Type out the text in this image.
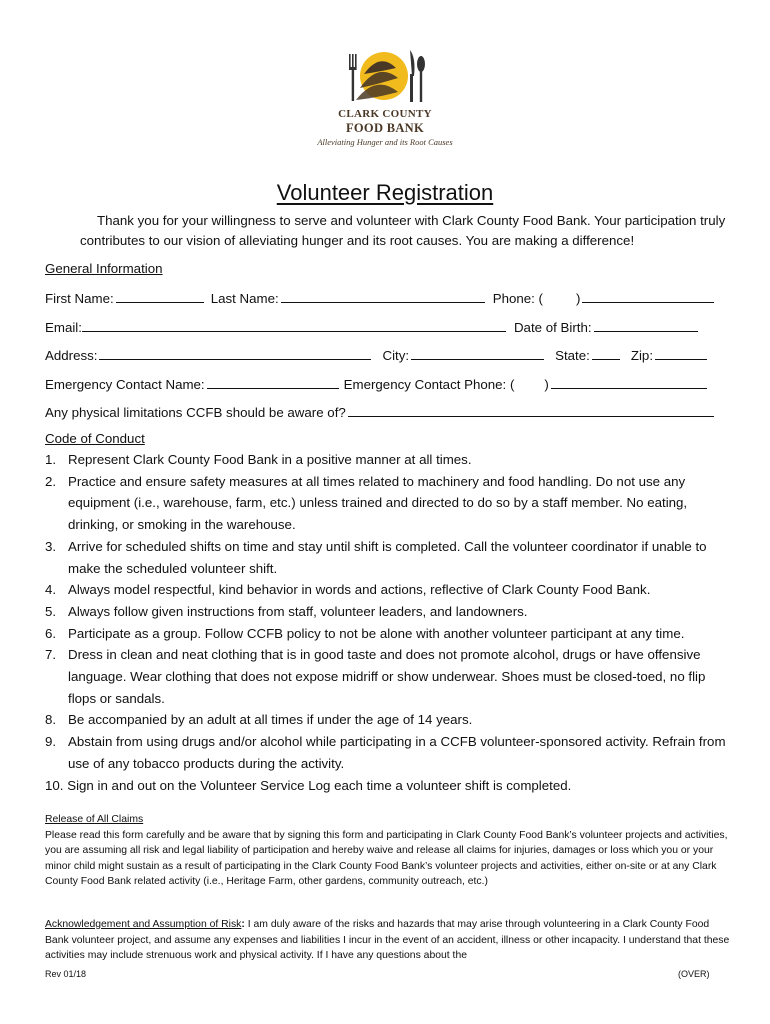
CLARK COUNTY
FOOD BANK
Alleviating Hunger and its Root Causes
Volunteer Registration
Thank you for your willingness to serve and volunteer with Clark County Food Bank. Your participation truly contributes to our vision of alleviating hunger and its root causes. You are making a difference!
General Information
First Name:	Last Name:	Phone: ( )
Email:	Date of Birth:
Address:	City:	State:	Zip:
Emergency Contact Name:	Emergency Contact Phone: ( )
Any physical limitations CCFB should be aware of?
Code of Conduct
1. Represent Clark County Food Bank in a positive manner at all times.
2. Practice and ensure safety measures at all times related to machinery and food handling. Do not use any equipment (i.e., warehouse, farm, etc.) unless trained and directed to do so by a staff member. No eating, drinking, or smoking in the warehouse.
3. Arrive for scheduled shifts on time and stay until shift is completed. Call the volunteer coordinator if unable to make the scheduled volunteer shift.
4. Always model respectful, kind behavior in words and actions, reflective of Clark County Food Bank.
5. Always follow given instructions from staff, volunteer leaders, and landowners.
6. Participate as a group. Follow CCFB policy to not be alone with another volunteer participant at any time.
7. Dress in clean and neat clothing that is in good taste and does not promote alcohol, drugs or have offensive language. Wear clothing that does not expose midriff or show underwear. Shoes must be closed-toed, no flip flops or sandals.
8. Be accompanied by an adult at all times if under the age of 14 years.
9. Abstain from using drugs and/or alcohol while participating in a CCFB volunteer-sponsored activity. Refrain from use of any tobacco products during the activity.
10. Sign in and out on the Volunteer Service Log each time a volunteer shift is completed.
Release of All Claims
Please read this form carefully and be aware that by signing this form and participating in Clark County Food Bank’s volunteer projects and activities, you are assuming all risk and legal liability of participation and hereby waive and release all claims for injuries, damages or loss which you or your minor child might sustain as a result of participating in the Clark County Food Bank’s volunteer projects and activities, either on-site or at any Clark County Food Bank related activity (i.e., Heritage Farm, other gardens, community outreach, etc.)
Acknowledgement and Assumption of Risk: I am duly aware of the risks and hazards that may arise through volunteering in a Clark County Food Bank volunteer project, and assume any expenses and liabilities I incur in the event of an accident, illness or other incapacity. I understand that these activities may include strenuous work and physical activity. If I have any questions about the
Rev 01/18	(OVER)
